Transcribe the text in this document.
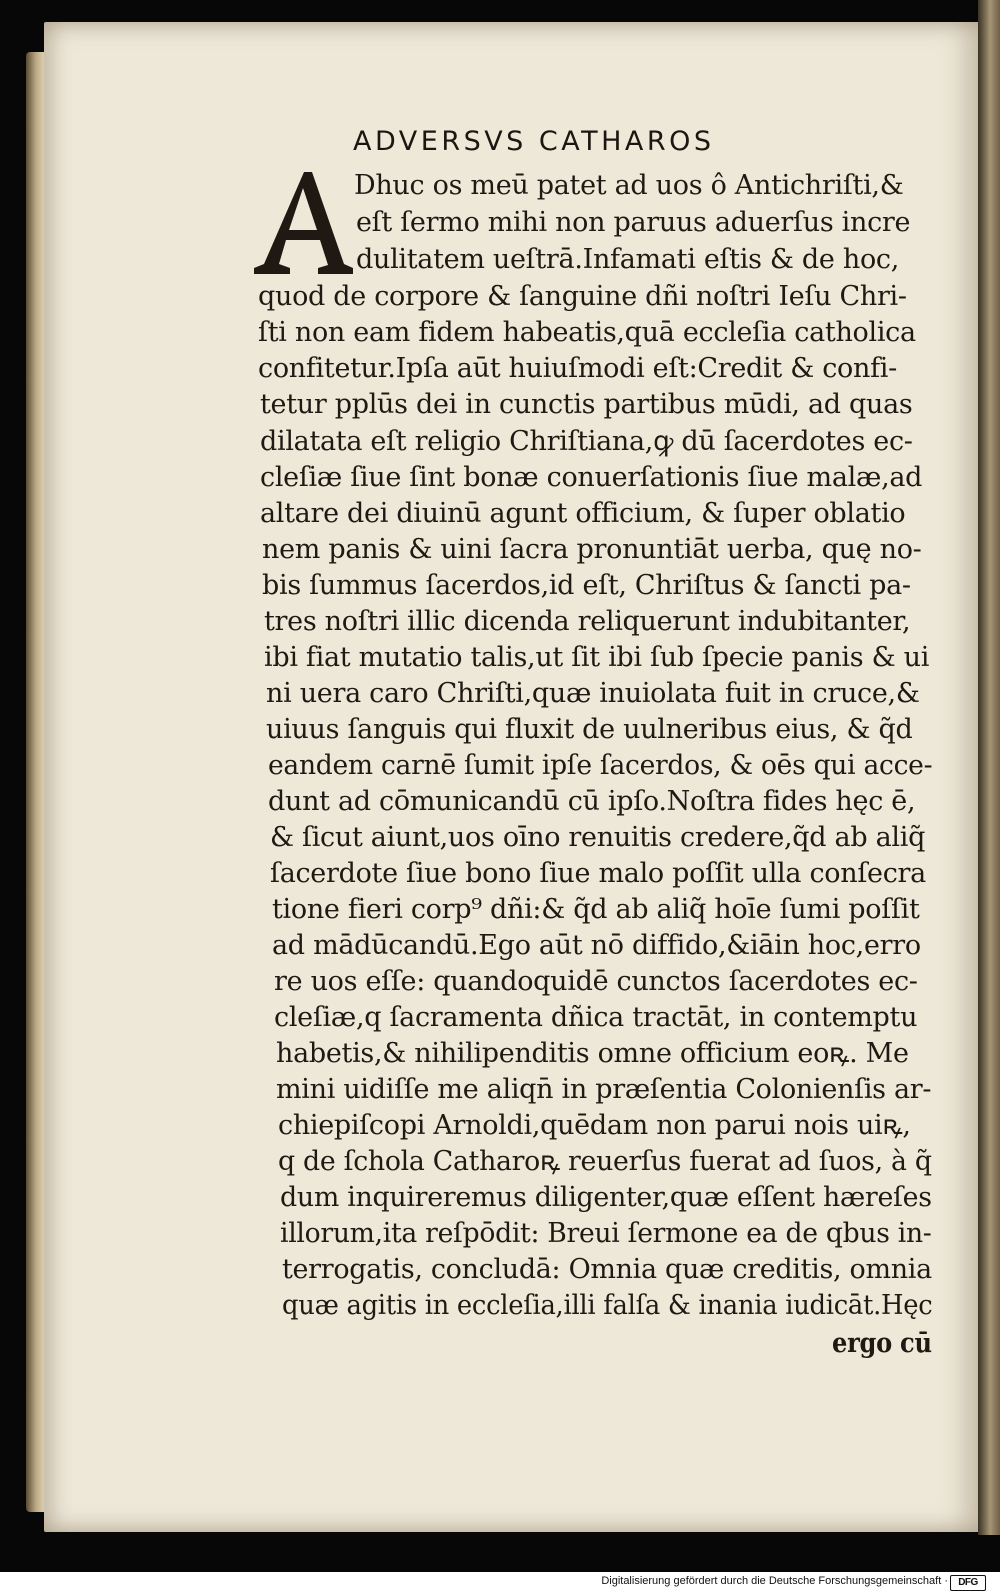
ADVERSVS CATHAROS
Dhuc os meū patet ad uos ô Antichriſti,&
eſt ſermo mihi non paruus aduerſus incre
dulitatem ueſtrā.Infamati eſtis & de hoc,
quod de corpore & ſanguine dñi noſtri Ieſu Chri-
ſti non eam fidem habeatis,quā eccleſia catholica
confitetur.Ipſa aūt huiuſmodi eſt:Credit & confi-
tetur pplūs dei in cunctis partibus mūdi, ad quas
dilatata eſt religio Chriſtiana,ꝙ dū ſacerdotes ec-
cleſiæ ſiue ſint bonæ conuerſationis ſiue malæ,ad
altare dei diuinū agunt officium, & ſuper oblatio
nem panis & uini ſacra pronuntiāt uerba, quę no-
bis ſummus ſacerdos,id eſt, Chriſtus & ſancti pa-
tres noſtri illic dicenda reliquerunt indubitanter,
ibi fiat mutatio talis,ut ſit ibi ſub ſpecie panis & ui
ni uera caro Chriſti,quæ inuiolata fuit in cruce,&
uiuus ſanguis qui fluxit de uulneribus eius, & q̃d
eandem carnē ſumit ipſe ſacerdos, & oēs qui acce-
dunt ad cōmunicandū cū ipſo.Noſtra fides hęc ē,
& ſicut aiunt,uos oīno renuitis credere,q̃d ab aliq̃
ſacerdote ſiue bono ſiue malo poſſit ulla conſecra
tione fieri corp⁹ dñi:& q̃d ab aliq̃ hoīe ſumi poſſit
ad mādūcandū.Ego aūt nō diffido,&iāin hoc,erro
re uos eſſe: quandoquidē cunctos ſacerdotes ec-
cleſiæ,q ſacramenta dñica tractāt, in contemptu
habetis,& nihilipenditis omne officium eoꝶ. Me
mini uidiſſe me aliqn̄ in præſentia Colonienſis ar-
chiepiſcopi Arnoldi,quēdam non parui nois uiꝶ,
q de ſchola Catharoꝶ reuerſus fuerat ad ſuos, à q̃
dum inquireremus diligenter,quæ eſſent hæreſes
illorum,ita reſpōdit: Breui ſermone ea de qbus in-
terrogatis, concludā: Omnia quæ creditis, omnia
quæ agitis in eccleſia,illi falſa & inania iudicāt.Hęc
ergo cū
Digitalisierung gefördert durch die Deutsche Forschungsgemeinschaft ·	DFG
